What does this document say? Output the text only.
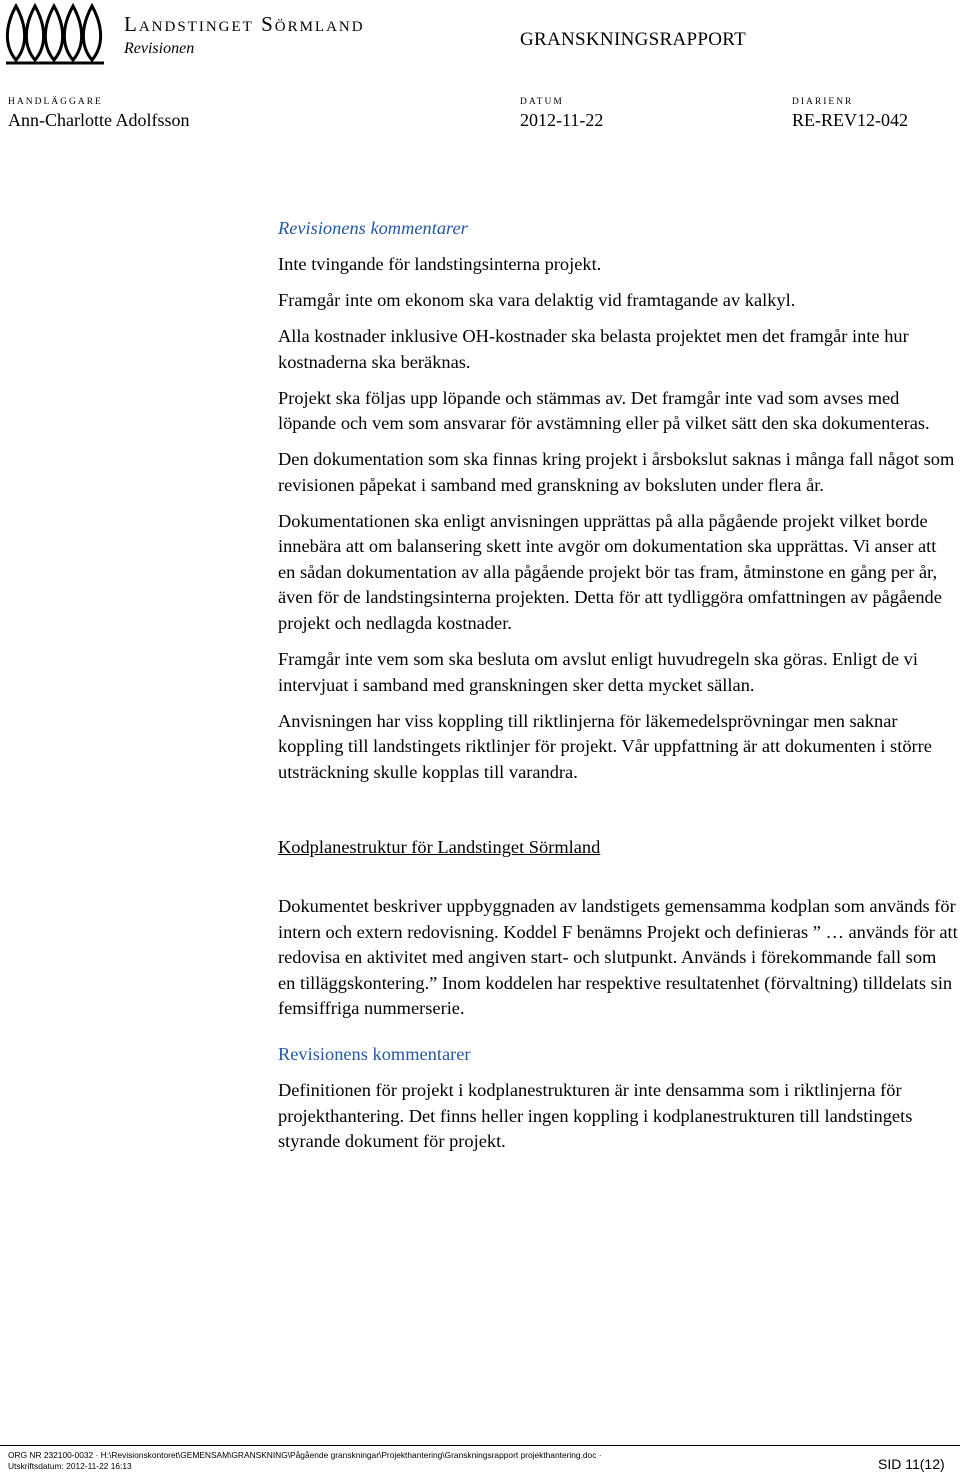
Landstinget Sörmland
Revisionen	GRANSKNINGSRAPPORT
HANDLÄGGARE
Ann-Charlotte Adolfsson
DATUM
2012-11-22
DIARIENR
RE-REV12-042

Revisionens kommentarer

Inte tvingande för landstingsinterna projekt.

Framgår inte om ekonom ska vara delaktig vid framtagande av kalkyl.

Alla kostnader inklusive OH-kostnader ska belasta projektet men det framgår inte hur kostnaderna ska beräknas.

Projekt ska följas upp löpande och stämmas av. Det framgår inte vad som avses med löpande och vem som ansvarar för avstämning eller på vilket sätt den ska dokumenteras.

Den dokumentation som ska finnas kring projekt i årsbokslut saknas i många fall något som revisionen påpekat i samband med granskning av boksluten under flera år.

Dokumentationen ska enligt anvisningen upprättas på alla pågående projekt vilket borde innebära att om balansering skett inte avgör om dokumentation ska upprättas. Vi anser att en sådan dokumentation av alla pågående projekt bör tas fram, åtminstone en gång per år, även för de landstingsinterna projekten. Detta för att tydliggöra omfattningen av pågående projekt och nedlagda kostnader.

Framgår inte vem som ska besluta om avslut enligt huvudregeln ska göras. Enligt de vi intervjuat i samband med granskningen sker detta mycket sällan.

Anvisningen har viss koppling till riktlinjerna för läkemedelsprövningar men saknar koppling till landstingets riktlinjer för projekt. Vår uppfattning är att dokumenten i större utsträckning skulle kopplas till varandra.

Kodplanestruktur för Landstinget Sörmland

Dokumentet beskriver uppbyggnaden av landstigets gemensamma kodplan som används för intern och extern redovisning. Koddel F benämns Projekt och definieras ” … används för att redovisa en aktivitet med angiven start- och slutpunkt. Används i förekommande fall som en tilläggskontering.” Inom koddelen har respektive resultatenhet (förvaltning) tilldelats sin femsiffriga nummerserie.

Revisionens kommentarer

Definitionen för projekt i kodplanestrukturen är inte densamma som i riktlinjerna för projekthantering. Det finns heller ingen koppling i kodplanestrukturen till landstingets styrande dokument för projekt.

ORG NR 232100-0032 · H:\Revisionskontoret\GEMENSAM\GRANSKNING\Pågående granskningar\Projekthantering\Granskningsrapport projekthantering.doc ·
Utskriftsdatum: 2012-11-22 16:13	SID 11(12)
